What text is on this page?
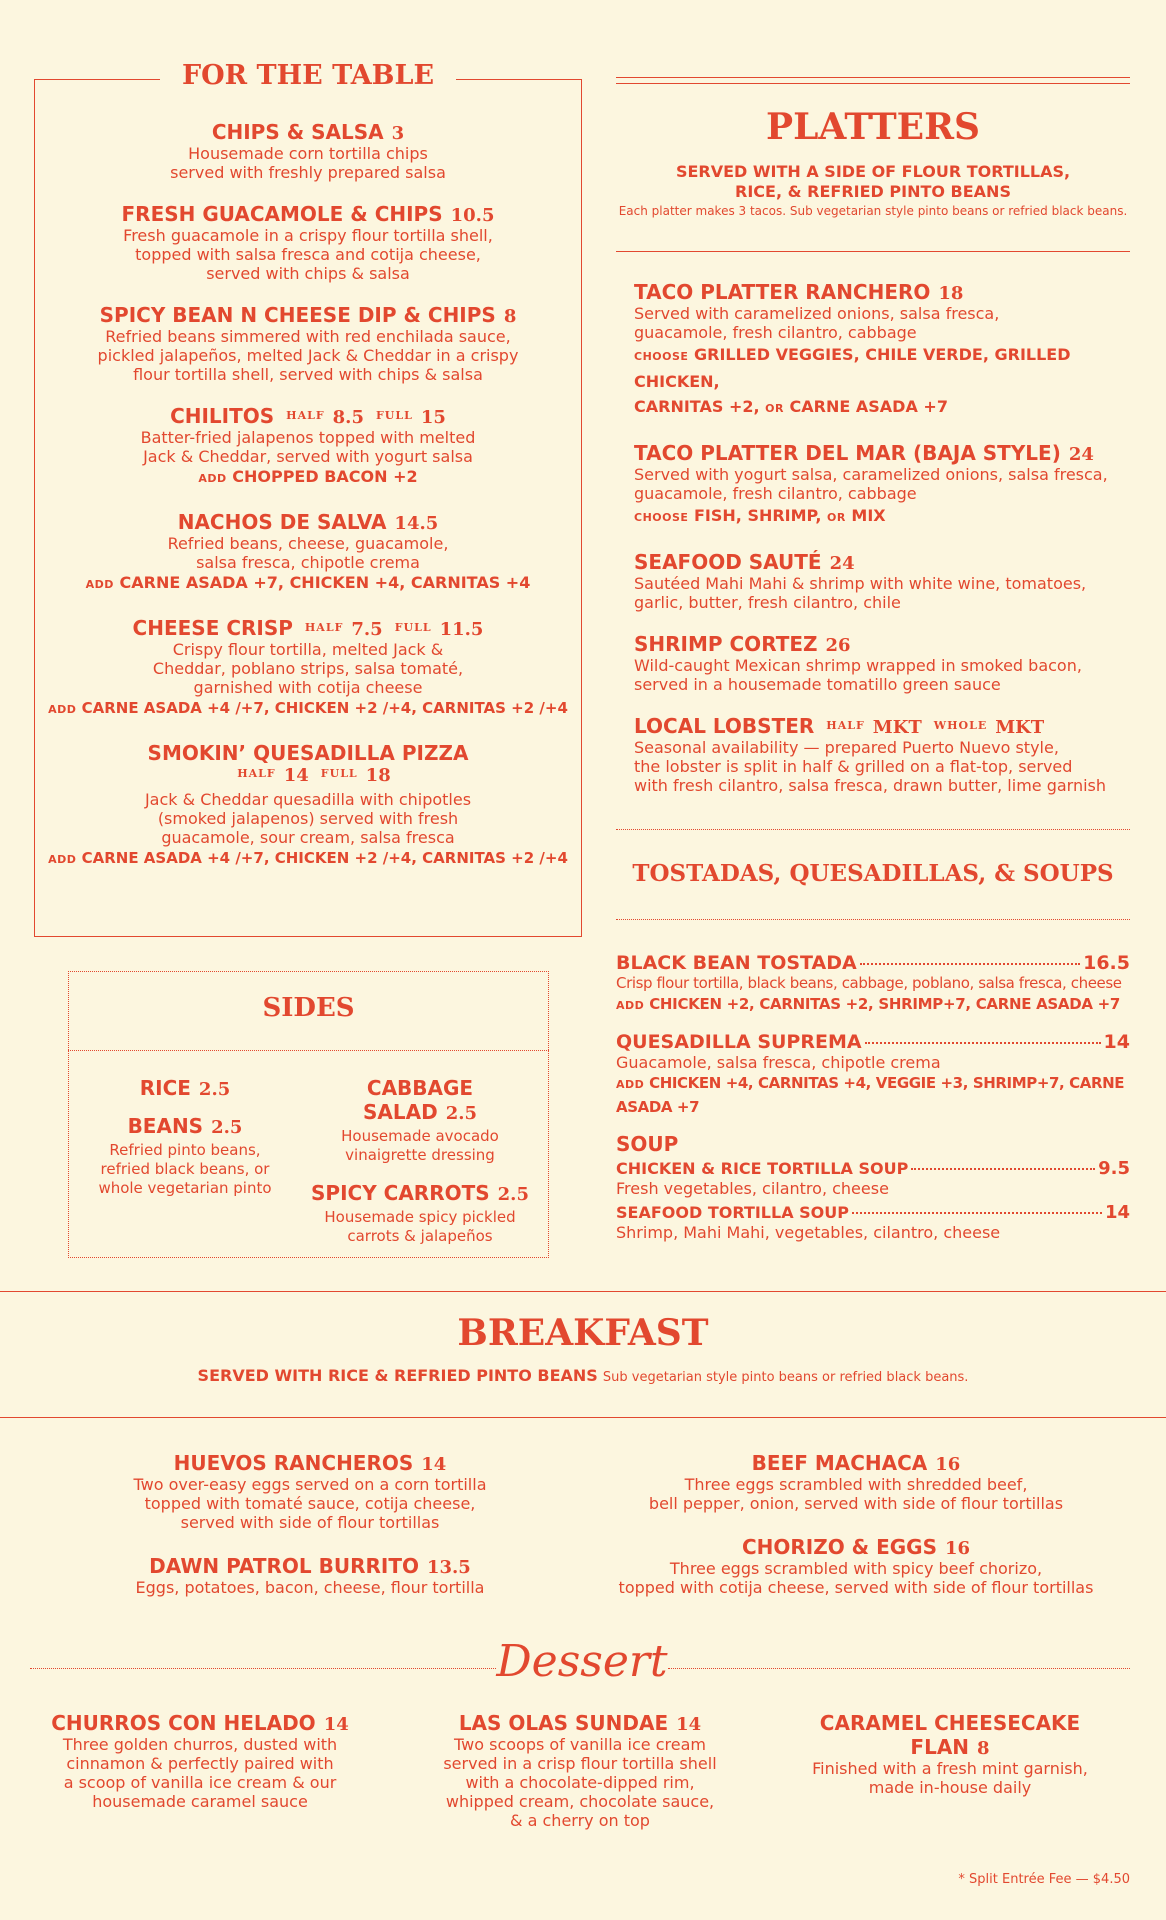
FOR THE TABLE
CHIPS & SALSA 3
Housemade corn tortilla chips
served with freshly prepared salsa
FRESH GUACAMOLE & CHIPS 10.5
Fresh guacamole in a crispy flour tortilla shell,
topped with salsa fresca and cotija cheese,
served with chips & salsa
SPICY BEAN N CHEESE DIP & CHIPS 8
Refried beans simmered with red enchilada sauce,
pickled jalapeños, melted Jack & Cheddar in a crispy
flour tortilla shell, served with chips & salsa
CHILITOS $^{HALF}$ 8.5 $^{FULL}$ 15
Batter-fried jalapenos topped with melted
Jack & Cheddar, served with yogurt salsa
ADD CHOPPED BACON +2
NACHOS DE SALVA 14.5
Refried beans, cheese, guacamole,
salsa fresca, chipotle crema
ADD CARNE ASADA +7, CHICKEN +4, CARNITAS +4
CHEESE CRISP $^{HALF}$ 7.5 $^{FULL}$ 11.5
Crispy flour tortilla, melted Jack &
Cheddar, poblano strips, salsa tomaté,
garnished with cotija cheese
ADD CARNE ASADA +4 /+7, CHICKEN +2 /+4, CARNITAS +2 /+4
SMOKIN’ QUESADILLA PIZZA
$^{HALF}$ 14 $^{FULL}$ 18
Jack & Cheddar quesadilla with chipotles
(smoked jalapenos) served with fresh
guacamole, sour cream, salsa fresca
ADD CARNE ASADA +4 /+7, CHICKEN +2 /+4, CARNITAS +2 /+4
SIDES
RICE 2.5
BEANS 2.5
Refried pinto beans,
refried black beans, or
whole vegetarian pinto
CABBAGE SALAD 2.5
Housemade avocado
vinaigrette dressing
SPICY CARROTS 2.5
Housemade spicy pickled
carrots & jalapeños
PLATTERS
SERVED WITH A SIDE OF FLOUR TORTILLAS,
RICE, & REFRIED PINTO BEANS
Each platter makes 3 tacos. Sub vegetarian style pinto beans or refried black beans.
TACO PLATTER RANCHERO 18
Served with caramelized onions, salsa fresca,
guacamole, fresh cilantro, cabbage
CHOOSE GRILLED VEGGIES, CHILE VERDE, GRILLED CHICKEN,
CARNITAS +2, OR CARNE ASADA +7
TACO PLATTER DEL MAR (BAJA STYLE) 24
Served with yogurt salsa, caramelized onions, salsa fresca,
guacamole, fresh cilantro, cabbage
CHOOSE FISH, SHRIMP, OR MIX
SEAFOOD SAUTÉ 24
Sautéed Mahi Mahi & shrimp with white wine, tomatoes,
garlic, butter, fresh cilantro, chile
SHRIMP CORTEZ 26
Wild-caught Mexican shrimp wrapped in smoked bacon,
served in a housemade tomatillo green sauce
LOCAL LOBSTER $^{HALF}$ MKT $^{WHOLE}$ MKT
Seasonal availability — prepared Puerto Nuevo style,
the lobster is split in half & grilled on a flat-top, served
with fresh cilantro, salsa fresca, drawn butter, lime garnish
TOSTADAS, QUESADILLAS, & SOUPS
BLACK BEAN TOSTADA	16.5
Crisp flour tortilla, black beans, cabbage, poblano, salsa fresca, cheese
ADD CHICKEN +2, CARNITAS +2, SHRIMP+7, CARNE ASADA +7
QUESADILLA SUPREMA	14
Guacamole, salsa fresca, chipotle crema
ADD CHICKEN +4, CARNITAS +4, VEGGIE +3, SHRIMP+7, CARNE ASADA +7
SOUP
CHICKEN & RICE TORTILLA SOUP	9.5
Fresh vegetables, cilantro, cheese
SEAFOOD TORTILLA SOUP	14
Shrimp, Mahi Mahi, vegetables, cilantro, cheese
BREAKFAST
SERVED WITH RICE & REFRIED PINTO BEANS Sub vegetarian style pinto beans or refried black beans.
HUEVOS RANCHEROS 14
Two over-easy eggs served on a corn tortilla
topped with tomaté sauce, cotija cheese,
served with side of flour tortillas
DAWN PATROL BURRITO 13.5
Eggs, potatoes, bacon, cheese, flour tortilla
BEEF MACHACA 16
Three eggs scrambled with shredded beef,
bell pepper, onion, served with side of flour tortillas
CHORIZO & EGGS 16
Three eggs scrambled with spicy beef chorizo,
topped with cotija cheese, served with side of flour tortillas
Dessert
CHURROS CON HELADO 14
Three golden churros, dusted with
cinnamon & perfectly paired with
a scoop of vanilla ice cream & our
housemade caramel sauce
LAS OLAS SUNDAE 14
Two scoops of vanilla ice cream
served in a crisp flour tortilla shell
with a chocolate-dipped rim,
whipped cream, chocolate sauce,
& a cherry on top
CARAMEL CHEESECAKE FLAN 8
Finished with a fresh mint garnish,
made in-house daily
* Split Entrée Fee — $4.50
